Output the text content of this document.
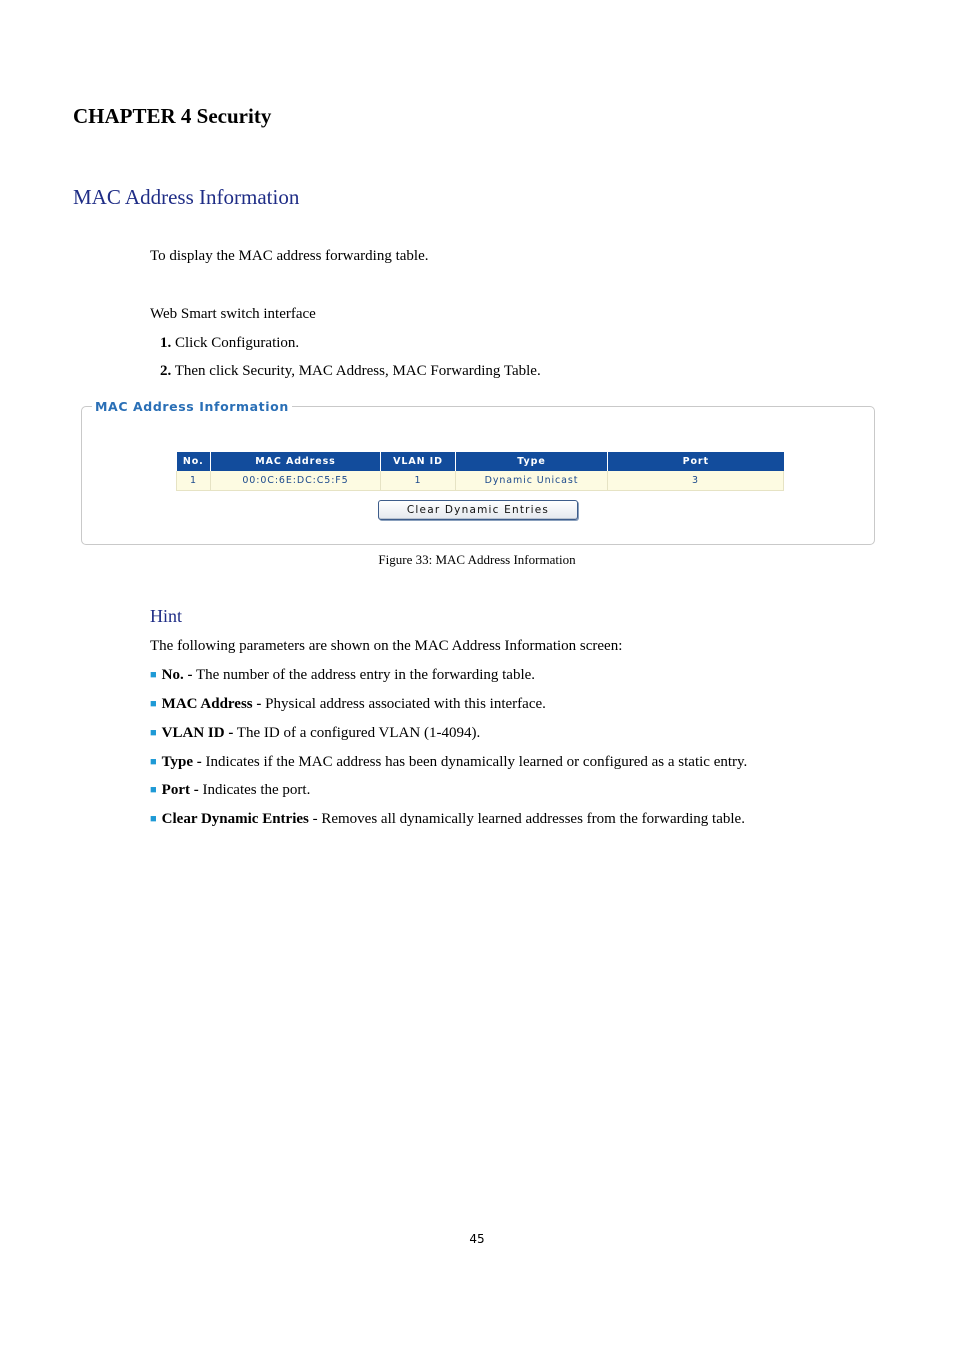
CHAPTER 4 Security
MAC Address Information
To display the MAC address forwarding table.
Web Smart switch interface
1. Click Configuration.
2. Then click Security, MAC Address, MAC Forwarding Table.
MAC Address Information
No.	MAC Address	VLAN ID	Type	Port
1	00:0C:6E:DC:C5:F5	1	Dynamic Unicast	3
Clear Dynamic Entries
Figure 33: MAC Address Information
Hint
The following parameters are shown on the MAC Address Information screen:
■ No. - The number of the address entry in the forwarding table.
■ MAC Address - Physical address associated with this interface.
■ VLAN ID - The ID of a configured VLAN (1-4094).
■ Type - Indicates if the MAC address has been dynamically learned or configured as a static entry.
■ Port - Indicates the port.
■ Clear Dynamic Entries - Removes all dynamically learned addresses from the forwarding table.
45
